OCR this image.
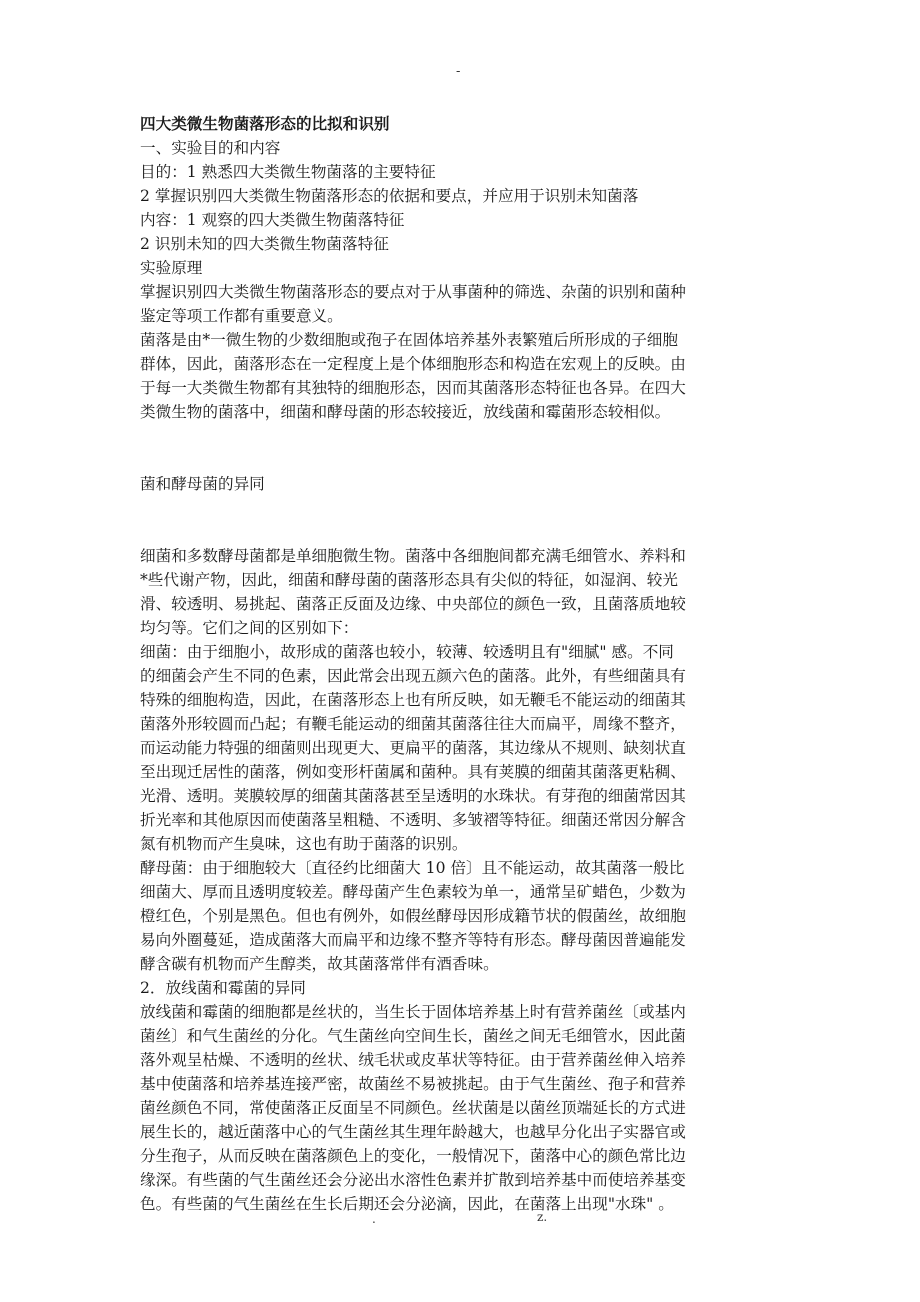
-

四大类微生物菌落形态的比拟和识别

一、实验目的和内容

目的：1 熟悉四大类微生物菌落的主要特征

2 掌握识别四大类微生物菌落形态的依据和要点，并应用于识别未知菌落

内容：1 观察的四大类微生物菌落特征

2 识别未知的四大类微生物菌落特征

实验原理

掌握识别四大类微生物菌落形态的要点对于从事菌种的筛选、杂菌的识别和菌种

鉴定等项工作都有重要意义。

菌落是由*一微生物的少数细胞或孢子在固体培养基外表繁殖后所形成的子细胞

群体，因此，菌落形态在一定程度上是个体细胞形态和构造在宏观上的反映。由

于每一大类微生物都有其独特的细胞形态，因而其菌落形态特征也各异。在四大

类微生物的菌落中，细菌和酵母菌的形态较接近，放线菌和霉菌形态较相似。

菌和酵母菌的异同

细菌和多数酵母菌都是单细胞微生物。菌落中各细胞间都充满毛细管水、养料和

*些代谢产物，因此，细菌和酵母菌的菌落形态具有尖似的特征，如湿润、较光

滑、较透明、易挑起、菌落正反面及边缘、中央部位的颜色一致，且菌落质地较

均匀等。它们之间的区别如下：

细菌：由于细胞小，故形成的菌落也较小，较薄、较透明且有"细腻" 感。不同

的细菌会产生不同的色素，因此常会出现五颜六色的菌落。此外，有些细菌具有

特殊的细胞构造，因此，在菌落形态上也有所反映，如无鞭毛不能运动的细菌其

菌落外形较圆而凸起；有鞭毛能运动的细菌其菌落往往大而扁平，周缘不整齐，

而运动能力特强的细菌则出现更大、更扁平的菌落，其边缘从不规则、缺刻状直

至出现迁居性的菌落，例如变形杆菌属和菌种。具有荚膜的细菌其菌落更粘稠、

光滑、透明。荚膜较厚的细菌其菌落甚至呈透明的水珠状。有芽孢的细菌常因其

折光率和其他原因而使菌落呈粗糙、不透明、多皱褶等特征。细菌还常因分解含

氮有机物而产生臭味，这也有助于菌落的识别。

酵母菌：由于细胞较大〔直径约比细菌大 10 倍〕且不能运动，故其菌落一般比

细菌大、厚而且透明度较差。酵母菌产生色素较为单一，通常呈矿蜡色，少数为

橙红色，个别是黑色。但也有例外，如假丝酵母因形成籍节状的假菌丝，故细胞

易向外圈蔓延，造成菌落大而扁平和边缘不整齐等特有形态。酵母菌因普遍能发

酵含碳有机物而产生醇类，故其菌落常伴有酒香味。

2．放线菌和霉菌的异同

放线菌和霉菌的细胞都是丝状的，当生长于固体培养基上时有营养菌丝〔或基内

菌丝〕和气生菌丝的分化。气生菌丝向空间生长，菌丝之间无毛细管水，因此菌

落外观呈枯燥、不透明的丝状、绒毛状或皮革状等特征。由于营养菌丝伸入培养

基中使菌落和培养基连接严密，故菌丝不易被挑起。由于气生菌丝、孢子和营养

菌丝颜色不同，常使菌落正反面呈不同颜色。丝状菌是以菌丝顶端延长的方式进

展生长的，越近菌落中心的气生菌丝其生理年龄越大，也越早分化出子实器官或

分生孢子，从而反映在菌落颜色上的变化，一般情况下，菌落中心的颜色常比边

缘深。有些菌的气生菌丝还会分泌出水溶性色素并扩散到培养基中而使培养基变

色。有些菌的气生菌丝在生长后期还会分泌滴，因此，在菌落上出现"水珠" 。

.	z.
